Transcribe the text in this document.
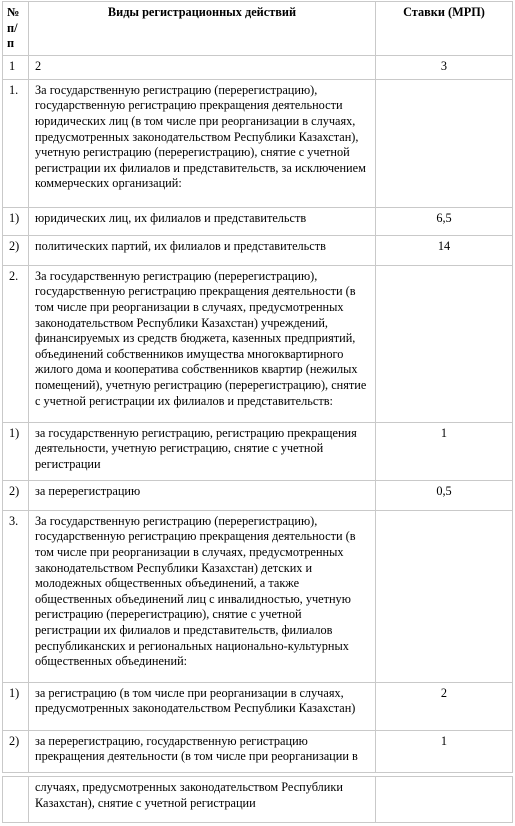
№ п/п	Виды регистрационных действий	Ставки (МРП)
1	2	3
1.	За государственную регистрацию (перерегистрацию), государственную регистрацию прекращения деятельности юридических лиц (в том числе при реорганизации в случаях, предусмотренных законодательством Республики Казахстан), учетную регистрацию (перерегистрацию), снятие с учетной регистрации их филиалов и представительств, за исключением коммерческих организаций:	
1)	юридических лиц, их филиалов и представительств	6,5
2)	политических партий, их филиалов и представительств	14
2.	За государственную регистрацию (перерегистрацию), государственную регистрацию прекращения деятельности (в том числе при реорганизации в случаях, предусмотренных законодательством Республики Казахстан) учреждений, финансируемых из средств бюджета, казенных предприятий, объединений собственников имущества многоквартирного жилого дома и кооператива собственников квартир (нежилых помещений), учетную регистрацию (перерегистрацию), снятие с учетной регистрации их филиалов и представительств:	
1)	за государственную регистрацию, регистрацию прекращения деятельности, учетную регистрацию, снятие с учетной регистрации	1
2)	за перерегистрацию	0,5
3.	За государственную регистрацию (перерегистрацию), государственную регистрацию прекращения деятельности (в том числе при реорганизации в случаях, предусмотренных законодательством Республики Казахстан) детских и молодежных общественных объединений, а также общественных объединений лиц с инвалидностью, учетную регистрацию (перерегистрацию), снятие с учетной регистрации их филиалов и представительств, филиалов республиканских и региональных национально-культурных общественных объединений:	
1)	за регистрацию (в том числе при реорганизации в случаях, предусмотренных законодательством Республики Казахстан)	2
2)	за перерегистрацию, государственную регистрацию прекращения деятельности (в том числе при реорганизации в	1
	случаях, предусмотренных законодательством Республики Казахстан), снятие с учетной регистрации	
